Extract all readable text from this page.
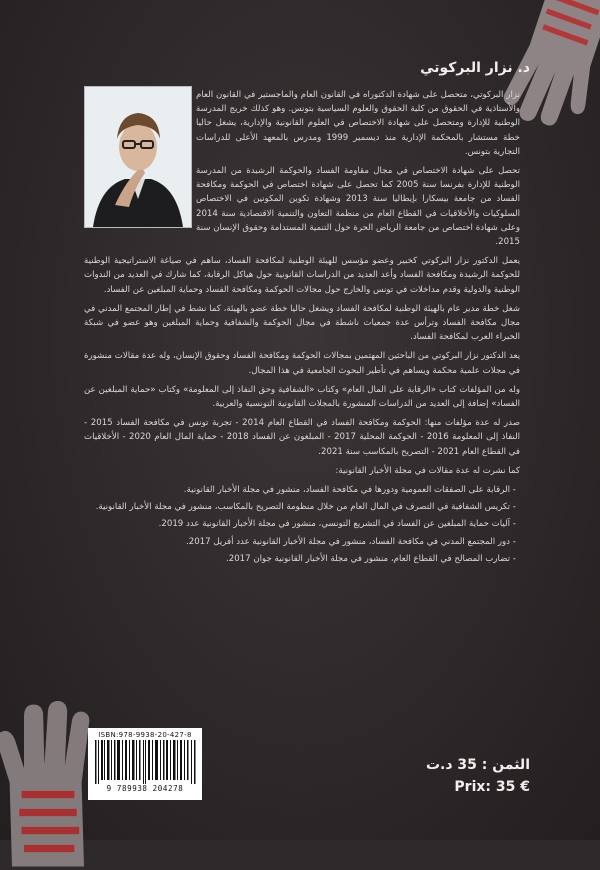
د. نزار البركوتي

نزار البركوتي، متحصل على شهادة الدكتوراه في القانون العام والماجستير في القانون العام والأستاذية في الحقوق من كلية الحقوق والعلوم السياسية بتونس. وهو كذلك خريج المدرسة الوطنية للإدارة ومتحصل على شهادة الاختصاص في العلوم القانونية والإدارية، يشغل حاليا خطة مستشار بالمحكمة الإدارية منذ ديسمبر 1999 ومدرس بالمعهد الأعلى للدراسات التجارية بتونس.

تحصل على شهادة الاختصاص في مجال مقاومة الفساد والحوكمة الرشيدة من المدرسة الوطنية للإدارة بفرنسا سنة 2005 كما تحصل على شهادة اختصاص في الحوكمة ومكافحة الفساد من جامعة بيسكارا بإيطاليا سنة 2013 وشهادة تكوين المكونين في الاختصاص السلوكيات والأخلاقيات في القطاع العام من منظمة التعاون والتنمية الاقتصادية سنة 2014 وعلى شهادة اختصاص من جامعة الرياض الحرة حول التنمية المستدامة وحقوق الإنسان سنة 2015.

يعمل الدكتور نزار البركوتي كخبير وعضو مؤسس للهيئة الوطنية لمكافحة الفساد، ساهم في صياغة الاستراتيجية الوطنية للحوكمة الرشيدة ومكافحة الفساد وأعد العديد من الدراسات القانونية حول هياكل الرقابة، كما شارك في العديد من الندوات الوطنية والدولية وقدم مداخلات في تونس والخارج حول مجالات الحوكمة ومكافحة الفساد وحماية المبلغين عن الفساد.

شغل خطة مدير عام بالهيئة الوطنية لمكافحة الفساد ويشغل حاليا خطة عضو بالهيئة، كما نشط في إطار المجتمع المدني في مجال مكافحة الفساد وترأس عدة جمعيات ناشطة في مجال الحوكمة والشفافية وحماية المبلغين وهو عضو في شبكة الخبراء العرب لمكافحة الفساد.

يعد الدكتور نزار البركوتي من الباحثين المهتمين بمجالات الحوكمة ومكافحة الفساد وحقوق الإنسان، وله عدة مقالات منشورة في مجلات علمية محكمة ويساهم في تأطير البحوث الجامعية في هذا المجال.

وله من المؤلفات كتاب «الرقابة على المال العام» وكتاب «الشفافية وحق النفاذ إلى المعلومة» وكتاب «حماية المبلغين عن الفساد» إضافة إلى العديد من الدراسات المنشورة بالمجلات القانونية التونسية والعربية.

صدر له عدة مؤلفات منها: الحوكمة ومكافحة الفساد في القطاع العام 2014 - تجربة تونس في مكافحة الفساد 2015 - النفاذ إلى المعلومة 2016 - الحوكمة المحلية 2017 - المبلغون عن الفساد 2018 - حماية المال العام 2020 - الأخلاقيات في القطاع العام 2021 - التصريح بالمكاسب سنة 2021.

كما نشرت له عدة مقالات في مجلة الأخبار القانونية:

- الرقابة على الصفقات العمومية ودورها في مكافحة الفساد، منشور في مجلة الأخبار القانونية.
- تكريس الشفافية في التصرف في المال العام من خلال منظومة التصريح بالمكاسب، منشور في مجلة الأخبار القانونية.
- آليات حماية المبلغين عن الفساد في التشريع التونسي، منشور في مجلة الأخبار القانونية عدد 2019.
- دور المجتمع المدني في مكافحة الفساد، منشور في مجلة الأخبار القانونية عدد أفريل 2017.
- تضارب المصالح في القطاع العام، منشور في مجلة الأخبار القانونية جوان 2017.
ISBN:978-9938-20-427-8
9 789938 204278
الثمن : 35 د.ت
Prix: 35 €
